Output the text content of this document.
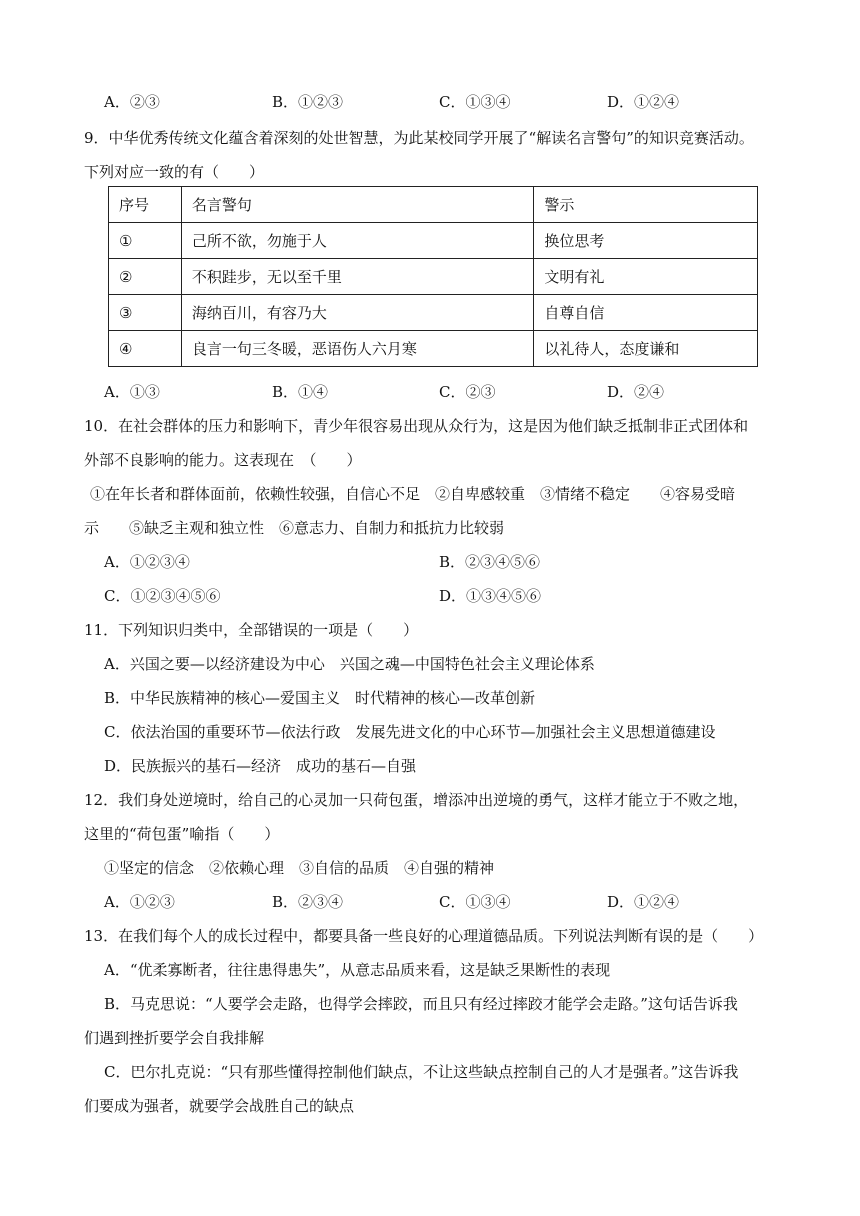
A．②③	B．①②③	C．①③④	D．①②④
9．中华优秀传统文化蕴含着深刻的处世智慧，为此某校同学开展了“解读名言警句”的知识竞赛活动。
下列对应一致的有（　　）
序号	名言警句	警示
①	己所不欲，勿施于人	换位思考
②	不积跬步，无以至千里	文明有礼
③	海纳百川，有容乃大	自尊自信
④	良言一句三冬暖，恶语伤人六月寒	以礼待人，态度谦和
A．①③	B．①④	C．②③	D．②④
10．在社会群体的压力和影响下，青少年很容易出现从众行为，这是因为他们缺乏抵制非正式团体和
外部不良影响的能力。这表现在　（　　）
①在年长者和群体面前，依赖性较强，自信心不足　②自卑感较重　③情绪不稳定　　④容易受暗
示　　⑤缺乏主观和独立性　⑥意志力、自制力和抵抗力比较弱
A．①②③④	B．②③④⑤⑥
C．①②③④⑤⑥	D．①③④⑤⑥
11．下列知识归类中，全部错误的一项是（　　）
A．兴国之要—以经济建设为中心　兴国之魂—中国特色社会主义理论体系
B．中华民族精神的核心—爱国主义　时代精神的核心—改革创新
C．依法治国的重要环节—依法行政　发展先进文化的中心环节—加强社会主义思想道德建设
D．民族振兴的基石—经济　成功的基石—自强
12．我们身处逆境时，给自己的心灵加一只荷包蛋，增添冲出逆境的勇气，这样才能立于不败之地，
这里的“荷包蛋”喻指（　　）
①坚定的信念　②依赖心理　③自信的品质　④自强的精神
A．①②③	B．②③④	C．①③④	D．①②④
13．在我们每个人的成长过程中，都要具备一些良好的心理道德品质。下列说法判断有误的是（　　）
A．“优柔寡断者，往往患得患失”，从意志品质来看，这是缺乏果断性的表现
B．马克思说：“人要学会走路，也得学会摔跤，而且只有经过摔跤才能学会走路。”这句话告诉我
们遇到挫折要学会自我排解
C．巴尔扎克说：“只有那些懂得控制他们缺点，不让这些缺点控制自己的人才是强者。”这告诉我
们要成为强者，就要学会战胜自己的缺点
